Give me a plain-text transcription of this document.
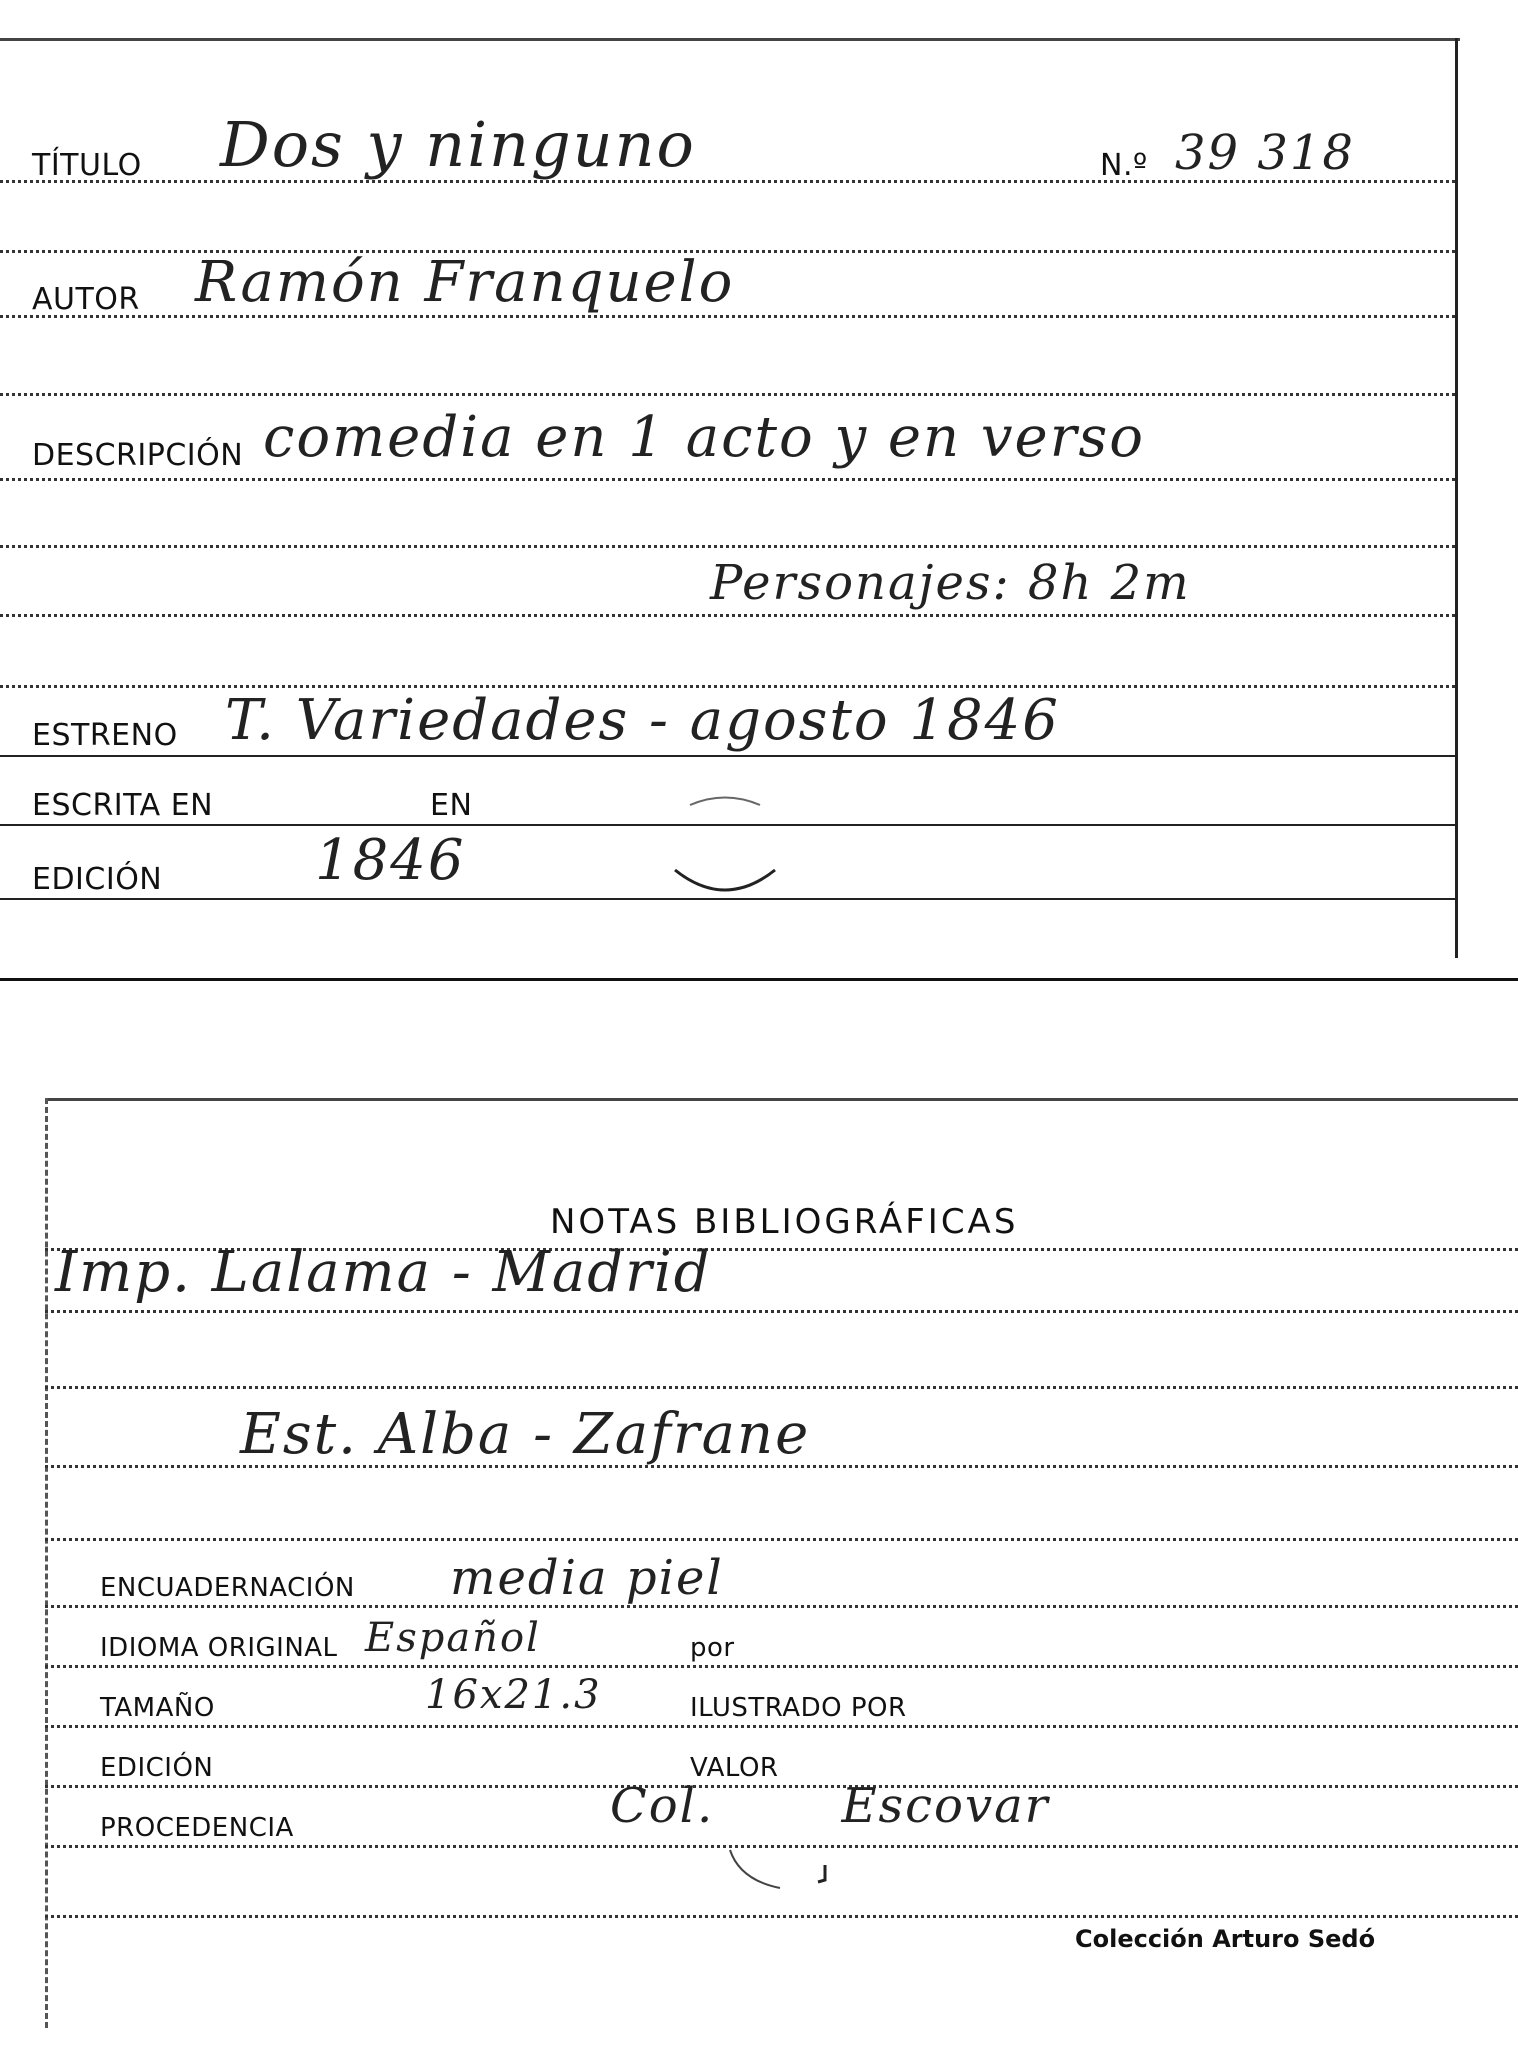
TÍTULO Dos y ninguno	N.º 39 318
AUTOR Ramón Franquelo
DESCRIPCIÓN comedia en 1 acto y en verso
Personajes: 8h 2m
ESTRENO T. Variedades - agosto 1846
ESCRITA EN	EN
EDICIÓN	1846
NOTAS BIBLIOGRÁFICAS
Imp. Lalama - Madrid
Est. Alba - Zafrane
ENCUADERNACIÓN media piel
IDIOMA ORIGINAL Español	por
TAMAÑO	16x21.3	ILUSTRADO POR
EDICIÓN	VALOR
PROCEDENCIA	Col. Escovar
Colección Arturo Sedó
